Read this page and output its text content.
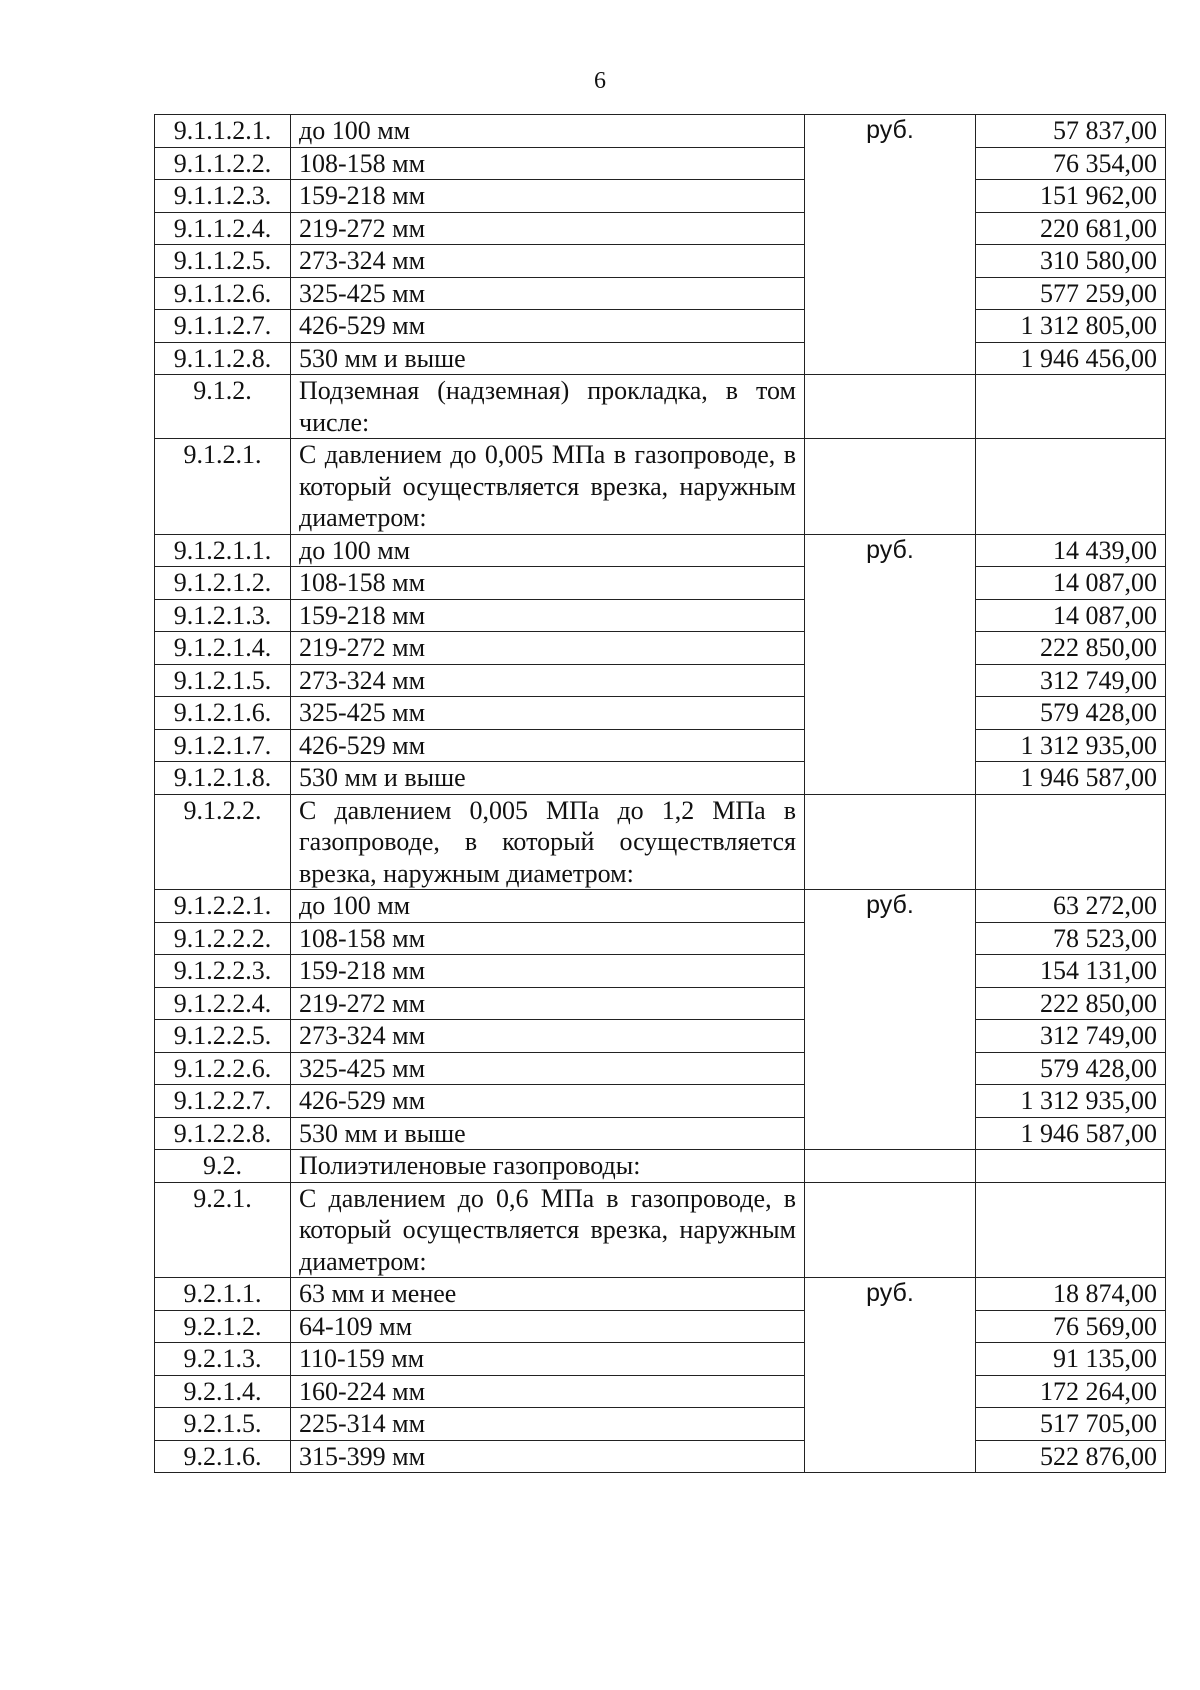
6
9.1.1.2.1.	до 100 мм	руб.	57 837,00
9.1.1.2.2.	108-158 мм		76 354,00
9.1.1.2.3.	159-218 мм		151 962,00
9.1.1.2.4.	219-272 мм		220 681,00
9.1.1.2.5.	273-324 мм		310 580,00
9.1.1.2.6.	325-425 мм		577 259,00
9.1.1.2.7.	426-529 мм		1 312 805,00
9.1.1.2.8.	530 мм и выше		1 946 456,00
9.1.2.	Подземная (надземная) прокладка, в том числе:		
9.1.2.1.	С давлением до 0,005 МПа в газопроводе, в который осуществляется врезка, наружным диаметром:		
9.1.2.1.1.	до 100 мм	руб.	14 439,00
9.1.2.1.2.	108-158 мм		14 087,00
9.1.2.1.3.	159-218 мм		14 087,00
9.1.2.1.4.	219-272 мм		222 850,00
9.1.2.1.5.	273-324 мм		312 749,00
9.1.2.1.6.	325-425 мм		579 428,00
9.1.2.1.7.	426-529 мм		1 312 935,00
9.1.2.1.8.	530 мм и выше		1 946 587,00
9.1.2.2.	С давлением 0,005 МПа до 1,2 МПа в газопроводе, в который осуществляется врезка, наружным диаметром:		
9.1.2.2.1.	до 100 мм	руб.	63 272,00
9.1.2.2.2.	108-158 мм		78 523,00
9.1.2.2.3.	159-218 мм		154 131,00
9.1.2.2.4.	219-272 мм		222 850,00
9.1.2.2.5.	273-324 мм		312 749,00
9.1.2.2.6.	325-425 мм		579 428,00
9.1.2.2.7.	426-529 мм		1 312 935,00
9.1.2.2.8.	530 мм и выше		1 946 587,00
9.2.	Полиэтиленовые газопроводы:		
9.2.1.	С давлением до 0,6 МПа в газопроводе, в который осуществляется врезка, наружным диаметром:		
9.2.1.1.	63 мм и менее	руб.	18 874,00
9.2.1.2.	64-109 мм		76 569,00
9.2.1.3.	110-159 мм		91 135,00
9.2.1.4.	160-224 мм		172 264,00
9.2.1.5.	225-314 мм		517 705,00
9.2.1.6.	315-399 мм		522 876,00
